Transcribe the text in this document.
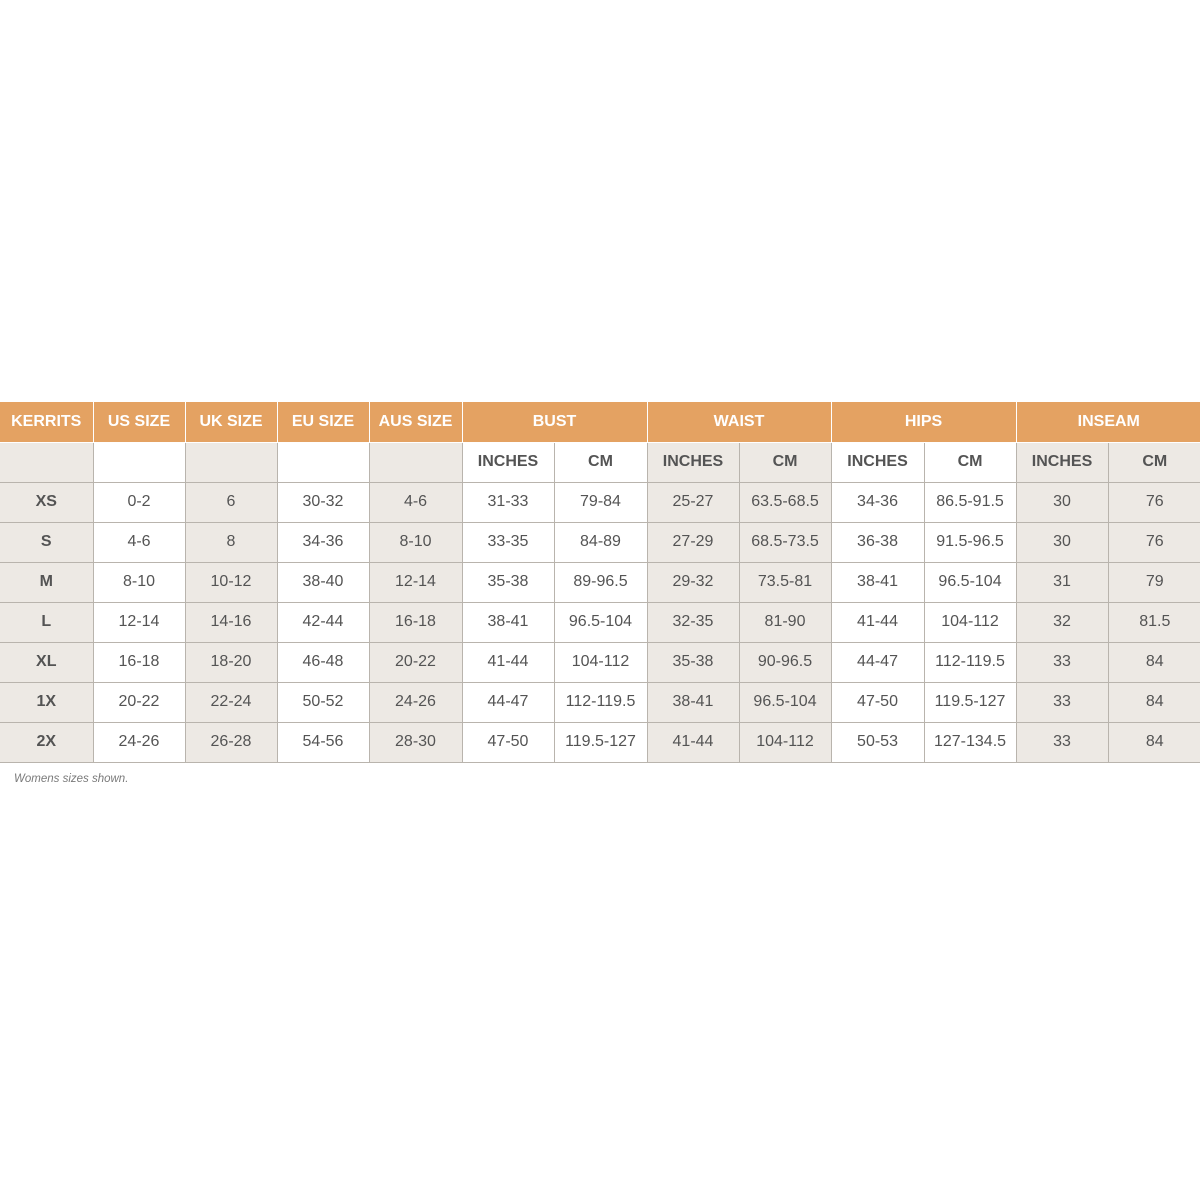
KERRITS	US SIZE	UK SIZE	EU SIZE	AUS SIZE	BUST		WAIST		HIPS		INSEAM	
					INCHES	CM	INCHES	CM	INCHES	CM	INCHES	CM
XS	0-2	6	30-32	4-6	31-33	79-84	25-27	63.5-68.5	34-36	86.5-91.5	30	76
S	4-6	8	34-36	8-10	33-35	84-89	27-29	68.5-73.5	36-38	91.5-96.5	30	76
M	8-10	10-12	38-40	12-14	35-38	89-96.5	29-32	73.5-81	38-41	96.5-104	31	79
L	12-14	14-16	42-44	16-18	38-41	96.5-104	32-35	81-90	41-44	104-112	32	81.5
XL	16-18	18-20	46-48	20-22	41-44	104-112	35-38	90-96.5	44-47	112-119.5	33	84
1X	20-22	22-24	50-52	24-26	44-47	112-119.5	38-41	96.5-104	47-50	119.5-127	33	84
2X	24-26	26-28	54-56	28-30	47-50	119.5-127	41-44	104-112	50-53	127-134.5	33	84
Womens sizes shown.
